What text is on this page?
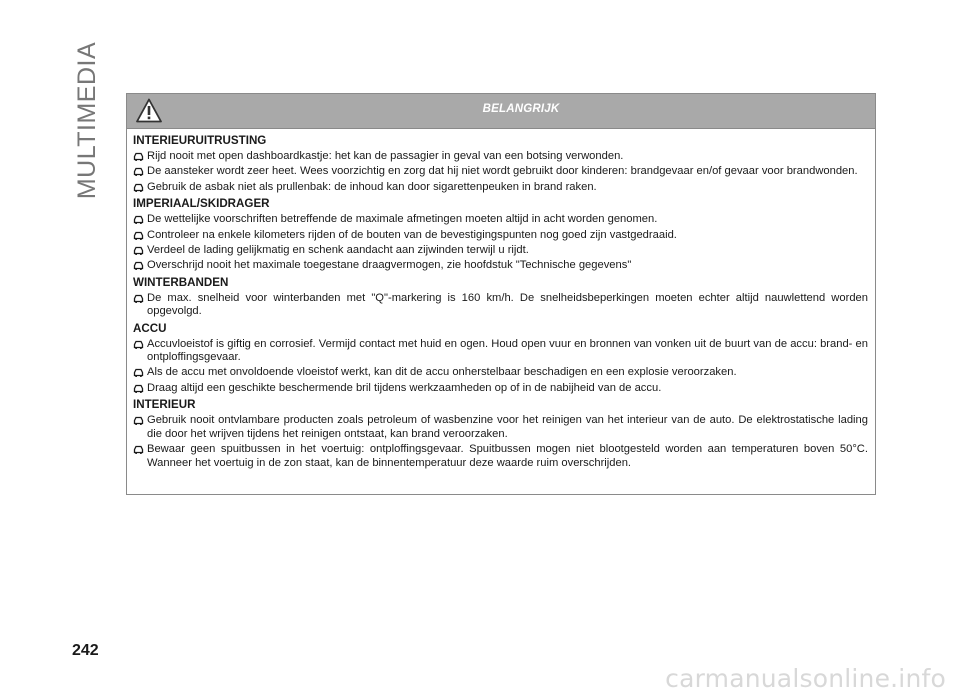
MULTIMEDIA	BELANGRIJK
INTERIEURUITRUSTING
Rijd nooit met open dashboardkastje: het kan de passagier in geval van een botsing verwonden.
De aansteker wordt zeer heet. Wees voorzichtig en zorg dat hij niet wordt gebruikt door kinderen: brandgevaar en/of gevaar voor brandwonden.
Gebruik de asbak niet als prullenbak: de inhoud kan door sigarettenpeuken in brand raken.
IMPERIAAL/SKIDRAGER
De wettelijke voorschriften betreffende de maximale afmetingen moeten altijd in acht worden genomen.
Controleer na enkele kilometers rijden of de bouten van de bevestigingspunten nog goed zijn vastgedraaid.
Verdeel de lading gelijkmatig en schenk aandacht aan zijwinden terwijl u rijdt.
Overschrijd nooit het maximale toegestane draagvermogen, zie hoofdstuk "Technische gegevens"
WINTERBANDEN
De max. snelheid voor winterbanden met "Q"-markering is 160 km/h. De snelheidsbeperkingen moeten echter altijd nauwlettend worden opgevolgd.
ACCU
Accuvloeistof is giftig en corrosief. Vermijd contact met huid en ogen. Houd open vuur en bronnen van vonken uit de buurt van de accu: brand- en ontploffingsgevaar.
Als de accu met onvoldoende vloeistof werkt, kan dit de accu onherstelbaar beschadigen en een explosie veroorzaken.
Draag altijd een geschikte beschermende bril tijdens werkzaamheden op of in de nabijheid van de accu.
INTERIEUR
Gebruik nooit ontvlambare producten zoals petroleum of wasbenzine voor het reinigen van het interieur van de auto. De elektrostatische lading die door het wrijven tijdens het reinigen ontstaat, kan brand veroorzaken.
Bewaar geen spuitbussen in het voertuig: ontploffingsgevaar. Spuitbussen mogen niet blootgesteld worden aan temperaturen boven 50°C. Wanneer het voertuig in de zon staat, kan de binnentemperatuur deze waarde ruim overschrijden.
242
carmanualsonline.info
